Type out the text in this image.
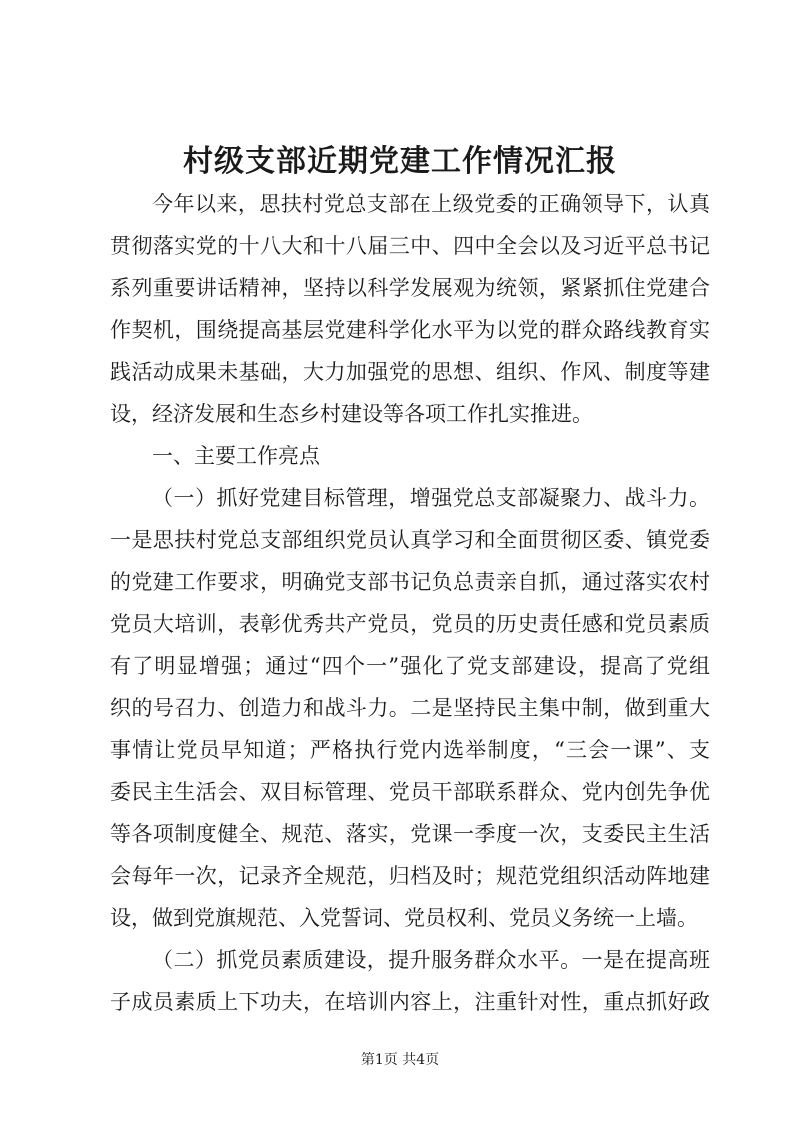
村级支部近期党建工作情况汇报
今年以来，思扶村党总支部在上级党委的正确领导下，认真
贯彻落实党的十八大和十八届三中、四中全会以及习近平总书记
系列重要讲话精神，坚持以科学发展观为统领，紧紧抓住党建合
作契机，围绕提高基层党建科学化水平为以党的群众路线教育实
践活动成果未基础，大力加强党的思想、组织、作风、制度等建
设，经济发展和生态乡村建设等各项工作扎实推进。
一、主要工作亮点
（一）抓好党建目标管理，增强党总支部凝聚力、战斗力。
一是思扶村党总支部组织党员认真学习和全面贯彻区委、镇党委
的党建工作要求，明确党支部书记负总责亲自抓，通过落实农村
党员大培训，表彰优秀共产党员，党员的历史责任感和党员素质
有了明显增强；通过“四个一”强化了党支部建设，提高了党组
织的号召力、创造力和战斗力。二是坚持民主集中制，做到重大
事情让党员早知道；严格执行党内选举制度，“三会一课”、支
委民主生活会、双目标管理、党员干部联系群众、党内创先争优
等各项制度健全、规范、落实，党课一季度一次，支委民主生活
会每年一次，记录齐全规范，归档及时；规范党组织活动阵地建
设，做到党旗规范、入党誓词、党员权利、党员义务统一上墙。
（二）抓党员素质建设，提升服务群众水平。一是在提高班
子成员素质上下功夫，在培训内容上，注重针对性，重点抓好政
第1页 共4页
